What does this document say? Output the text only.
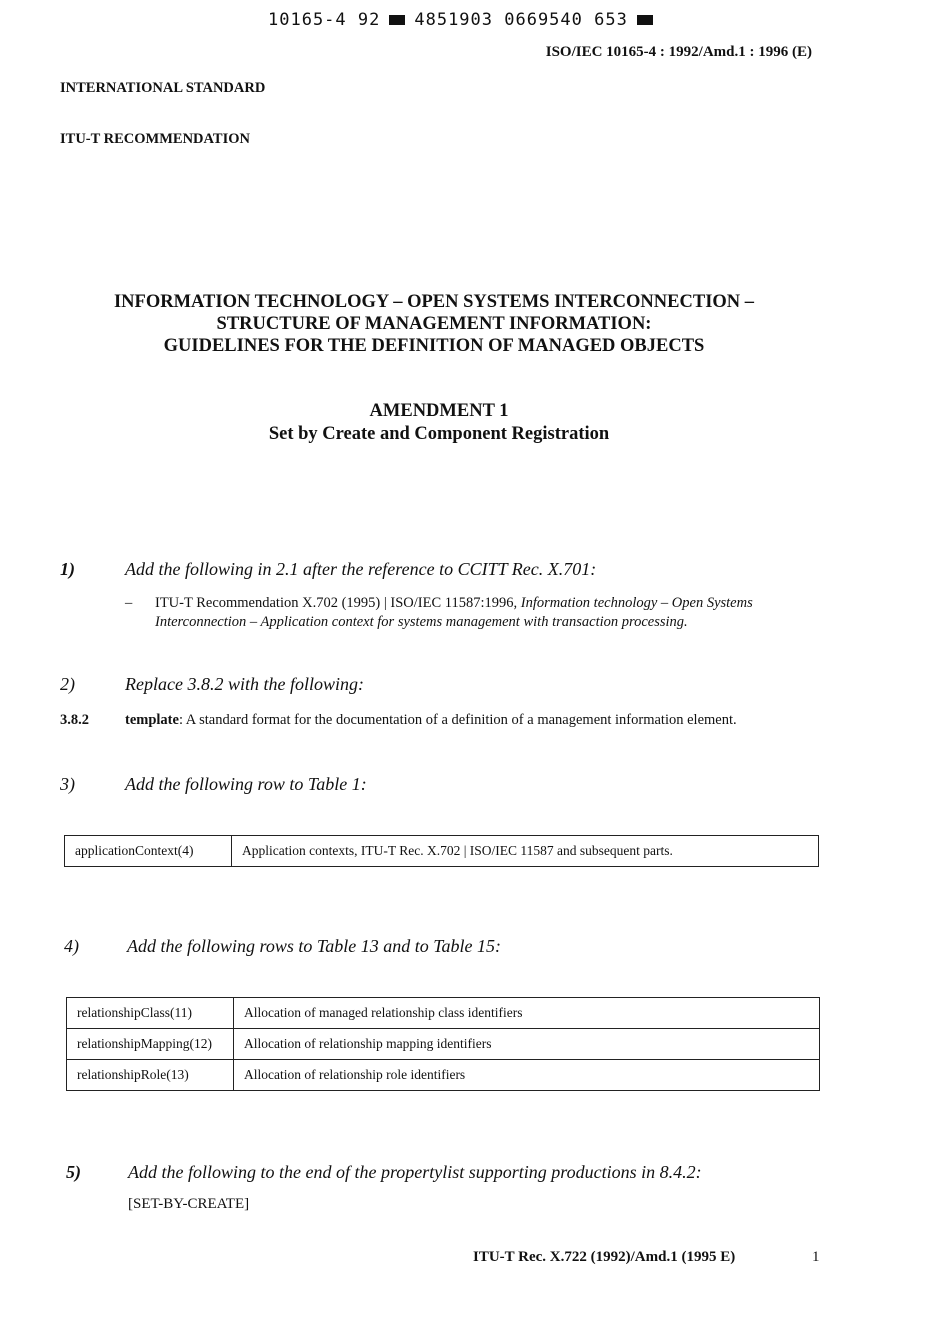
10165-4 92 4851903 0669540 653
ISO/IEC 10165-4 : 1992/Amd.1 : 1996 (E)
INTERNATIONAL STANDARD
ITU-T RECOMMENDATION
INFORMATION TECHNOLOGY – OPEN SYSTEMS INTERCONNECTION –
STRUCTURE OF MANAGEMENT INFORMATION:
GUIDELINES FOR THE DEFINITION OF MANAGED OBJECTS
AMENDMENT 1
Set by Create and Component Registration
1)	Add the following in 2.1 after the reference to CCITT Rec. X.701:
– ITU-T Recommendation X.702 (1995) | ISO/IEC 11587:1996, Information technology – Open Systems Interconnection – Application context for systems management with transaction processing.
2)	Replace 3.8.2 with the following:
3.8.2 template: A standard format for the documentation of a definition of a management information element.
3)	Add the following row to Table 1:
applicationContext(4)	Application contexts, ITU-T Rec. X.702 | ISO/IEC 11587 and subsequent parts.
4)	Add the following rows to Table 13 and to Table 15:
relationshipClass(11)	Allocation of managed relationship class identifiers
relationshipMapping(12)	Allocation of relationship mapping identifiers
relationshipRole(13)	Allocation of relationship role identifiers
5)	Add the following to the end of the propertylist supporting productions in 8.4.2:
[SET-BY-CREATE]
ITU-T Rec. X.722 (1992)/Amd.1 (1995 E)	1
